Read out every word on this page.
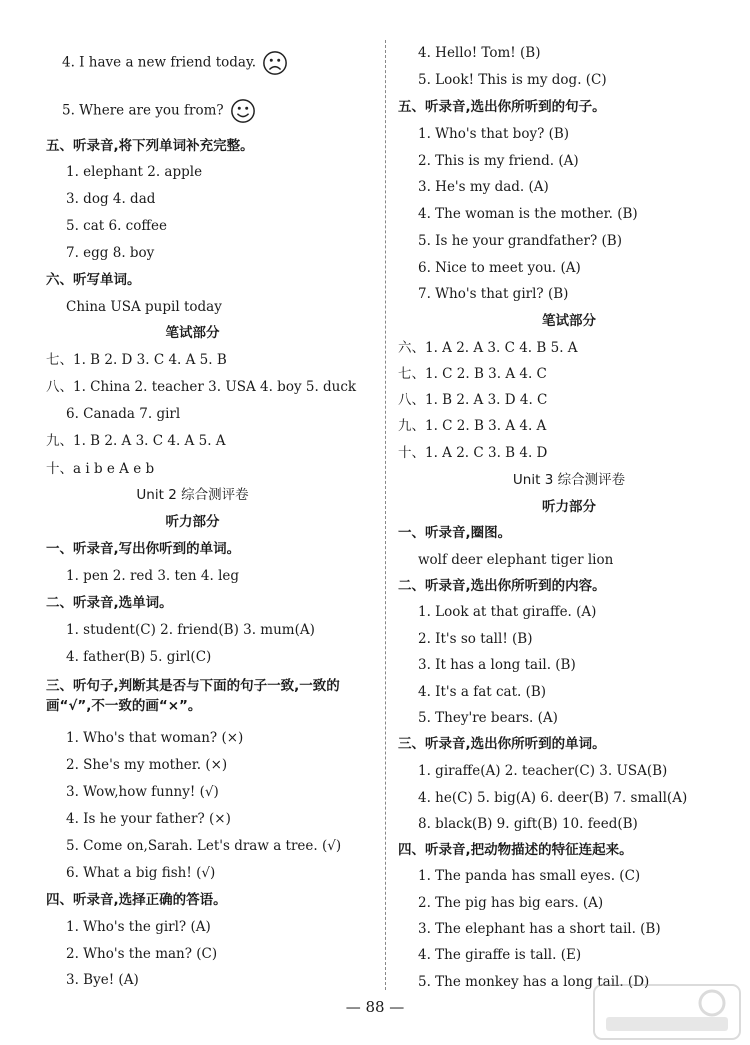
4. I have a new friend today.
5. Where are you from?
五、听录音,将下列单词补充完整。
1. elephant 2. apple
3. dog 4. dad
5. cat 6. coffee
7. egg 8. boy
六、听写单词。
China USA pupil today
笔试部分
七、1. B 2. D 3. C 4. A 5. B
八、1. China 2. teacher 3. USA 4. boy 5. duck
6. Canada 7. girl
九、1. B 2. A 3. C 4. A 5. A
十、a i b e A e b
Unit 2 综合测评卷
听力部分
一、听录音,写出你听到的单词。
1. pen 2. red 3. ten 4. leg
二、听录音,选单词。
1. student(C) 2. friend(B) 3. mum(A)
4. father(B) 5. girl(C)
三、听句子,判断其是否与下面的句子一致,一致的画“√”,不一致的画“×”。
1. Who's that woman? (×)
2. She's my mother. (×)
3. Wow,how funny! (√)
4. Is he your father? (×)
5. Come on,Sarah. Let's draw a tree. (√)
6. What a big fish! (√)
四、听录音,选择正确的答语。
1. Who's the girl? (A)
2. Who's the man? (C)
3. Bye! (A)
4. Hello! Tom! (B)
5. Look! This is my dog. (C)
五、听录音,选出你所听到的句子。
1. Who's that boy? (B)
2. This is my friend. (A)
3. He's my dad. (A)
4. The woman is the mother. (B)
5. Is he your grandfather? (B)
6. Nice to meet you. (A)
7. Who's that girl? (B)
笔试部分
六、1. A 2. A 3. C 4. B 5. A
七、1. C 2. B 3. A 4. C
八、1. B 2. A 3. D 4. C
九、1. C 2. B 3. A 4. A
十、1. A 2. C 3. B 4. D
Unit 3 综合测评卷
听力部分
一、听录音,圈图。
wolf deer elephant tiger lion
二、听录音,选出你所听到的内容。
1. Look at that giraffe. (A)
2. It's so tall! (B)
3. It has a long tail. (B)
4. It's a fat cat. (B)
5. They're bears. (A)
三、听录音,选出你所听到的单词。
1. giraffe(A) 2. teacher(C) 3. USA(B)
4. he(C) 5. big(A) 6. deer(B) 7. small(A)
8. black(B) 9. gift(B) 10. feed(B)
四、听录音,把动物描述的特征连起来。
1. The panda has small eyes. (C)
2. The pig has big ears. (A)
3. The elephant has a short tail. (B)
4. The giraffe is tall. (E)
5. The monkey has a long tail. (D)
— 88 —
